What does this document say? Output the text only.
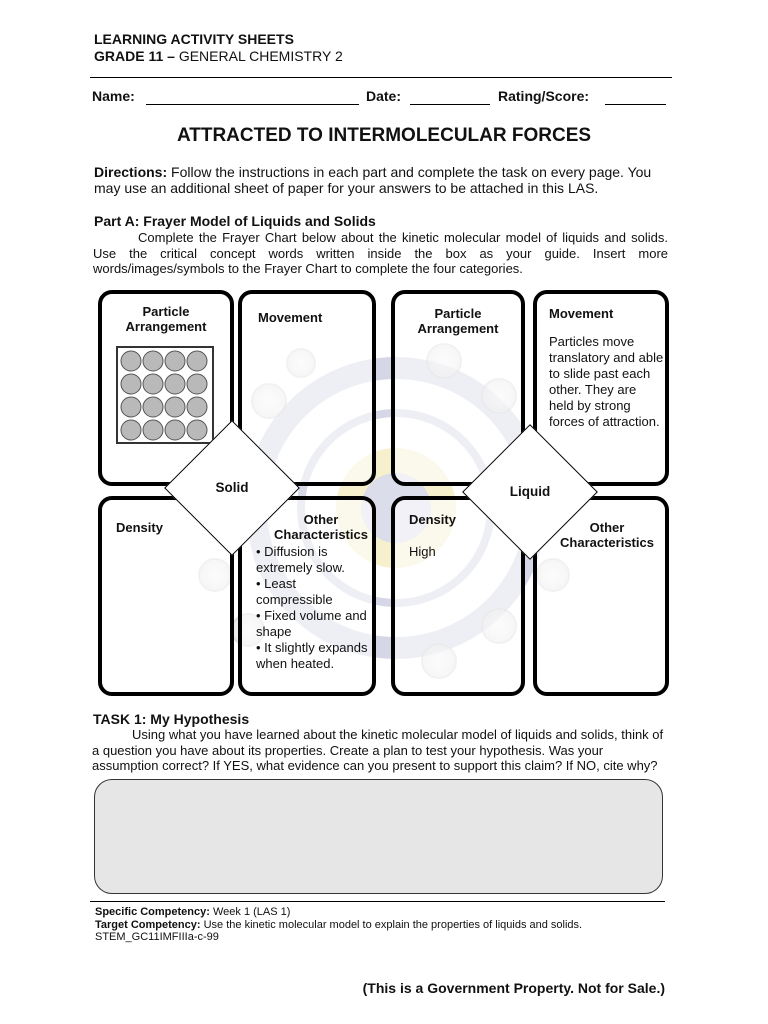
LEARNING ACTIVITY SHEETS
GRADE 11 – GENERAL CHEMISTRY 2
Name:	Date:	Rating/Score:
ATTRACTED TO INTERMOLECULAR FORCES
Directions: Follow the instructions in each part and complete the task on every page. You may use an additional sheet of paper for your answers to be attached in this LAS.
Part A: Frayer Model of Liquids and Solids
Complete the Frayer Chart below about the kinetic molecular model of liquids and solids. Use the critical concept words written inside the box as your guide. Insert more words/images/symbols to the Frayer Chart to complete the four categories.
Particle Arrangement
Movement
Density
Other Characteristics
• Diffusion is extremely slow.
• Least compressible
• Fixed volume and shape
• It slightly expands when heated.
Solid
Particle Arrangement
Movement
Particles move translatory and able to slide past each other. They are held by strong forces of attraction.
Density
High
Other Characteristics
Liquid
TASK 1: My Hypothesis
Using what you have learned about the kinetic molecular model of liquids and solids, think of a question you have about its properties. Create a plan to test your hypothesis. Was your assumption correct? If YES, what evidence can you present to support this claim? If NO, cite why?
Specific Competency: Week 1 (LAS 1)
Target Competency: Use the kinetic molecular model to explain the properties of liquids and solids.
STEM_GC11IMFIIIa-c-99
(This is a Government Property. Not for Sale.)
